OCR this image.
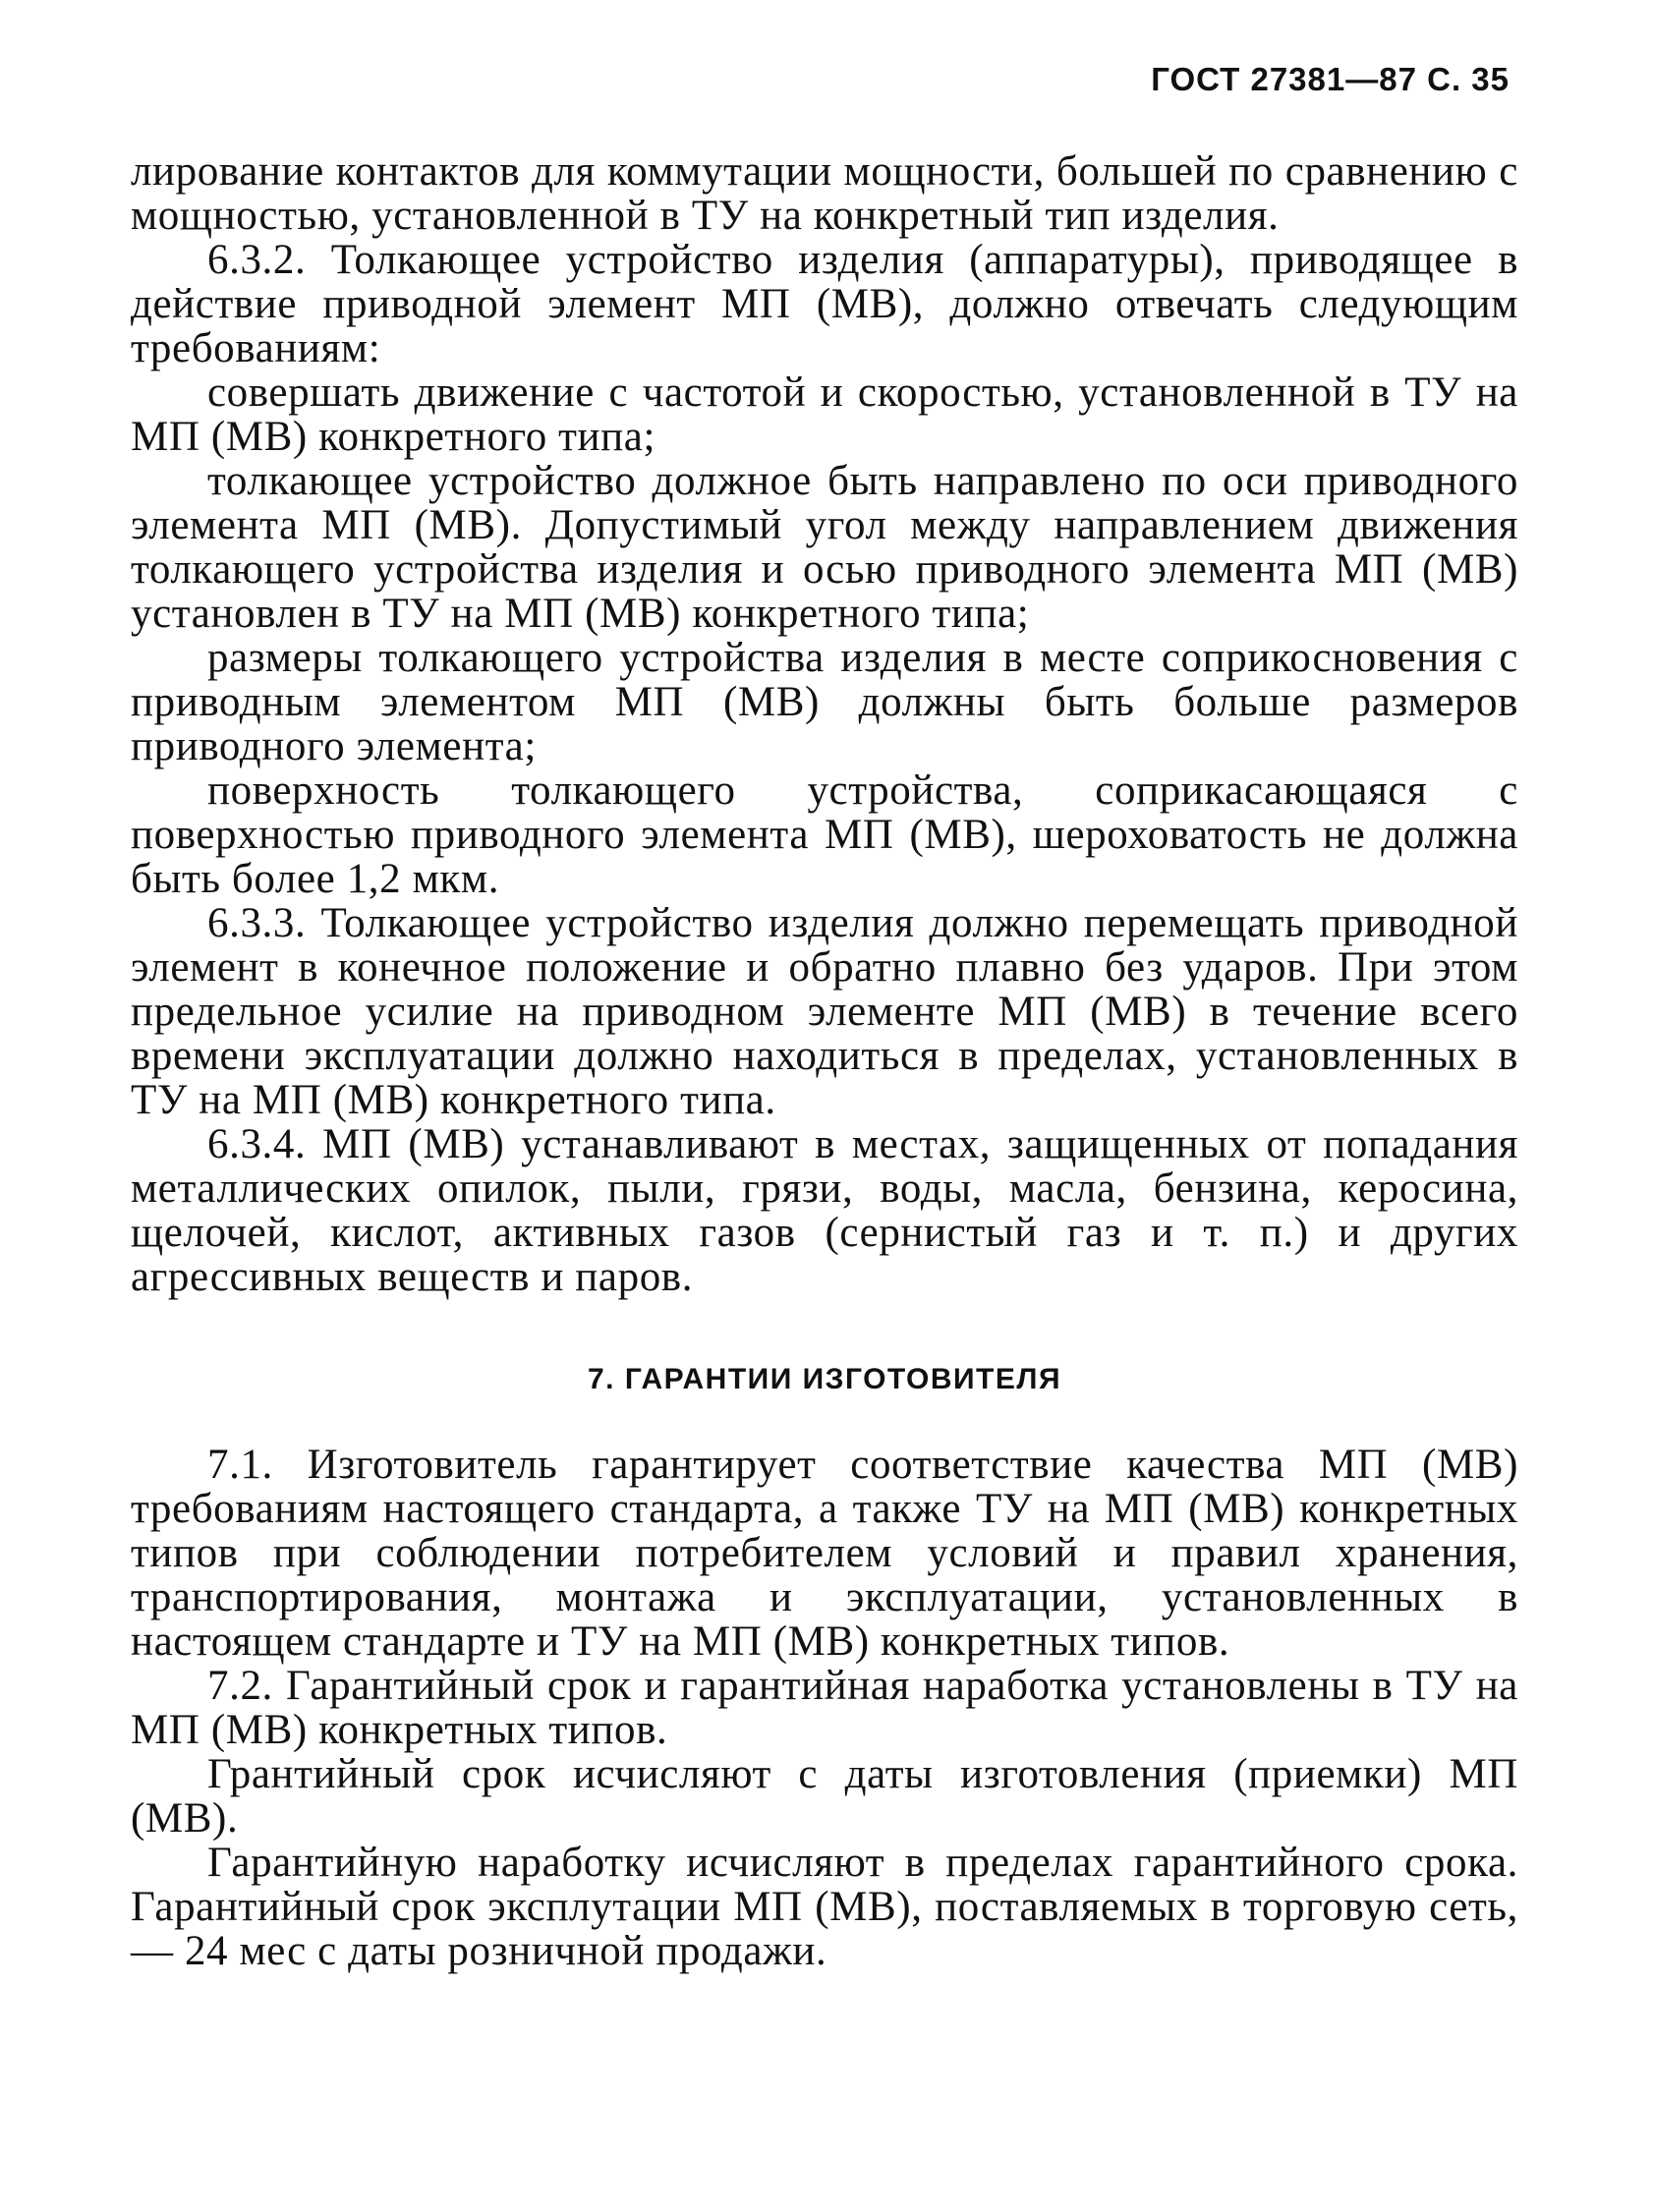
ГОСТ 27381—87 С. 35

лирование контактов для коммутации мощности, большей по сравнению с мощностью, установленной в ТУ на конкретный тип изделия.

6.3.2. Толкающее устройство изделия (аппаратуры), приводящее в действие приводной элемент МП (МВ), должно отвечать следующим требованиям:

совершать движение с частотой и скоростью, установленной в ТУ на МП (МВ) конкретного типа;

толкающее устройство должное быть направлено по оси приводного элемента МП (МВ). Допустимый угол между направлением движения толкающего устройства изделия и осью приводного элемента МП (МВ) установлен в ТУ на МП (МВ) конкретного типа;

размеры толкающего устройства изделия в месте соприкосновения с приводным элементом МП (МВ) должны быть больше размеров приводного элемента;

поверхность толкающего устройства, соприкасающаяся с поверхностью приводного элемента МП (МВ), шероховатость не должна быть более 1,2 мкм.

6.3.3. Толкающее устройство изделия должно перемещать приводной элемент в конечное положение и обратно плавно без ударов. При этом предельное усилие на приводном элементе МП (МВ) в течение всего времени эксплуатации должно находиться в пределах, установленных в ТУ на МП (МВ) конкретного типа.

6.3.4. МП (МВ) устанавливают в местах, защищенных от попадания металлических опилок, пыли, грязи, воды, масла, бензина, керосина, щелочей, кислот, активных газов (сернистый газ и т. п.) и других агрессивных веществ и паров.

7. ГАРАНТИИ ИЗГОТОВИТЕЛЯ

7.1. Изготовитель гарантирует соответствие качества МП (МВ) требованиям настоящего стандарта, а также ТУ на МП (МВ) конкретных типов при соблюдении потребителем условий и правил хранения, транспортирования, монтажа и эксплуатации, установленных в настоящем стандарте и ТУ на МП (МВ) конкретных типов.

7.2. Гарантийный срок и гарантийная наработка установлены в ТУ на МП (МВ) конкретных типов.

Грантийный срок исчисляют с даты изготовления (приемки) МП (МВ).

Гарантийную наработку исчисляют в пределах гарантийного срока. Гарантийный срок эксплутации МП (МВ), поставляемых в торговую сеть, — 24 мес с даты розничной продажи.
